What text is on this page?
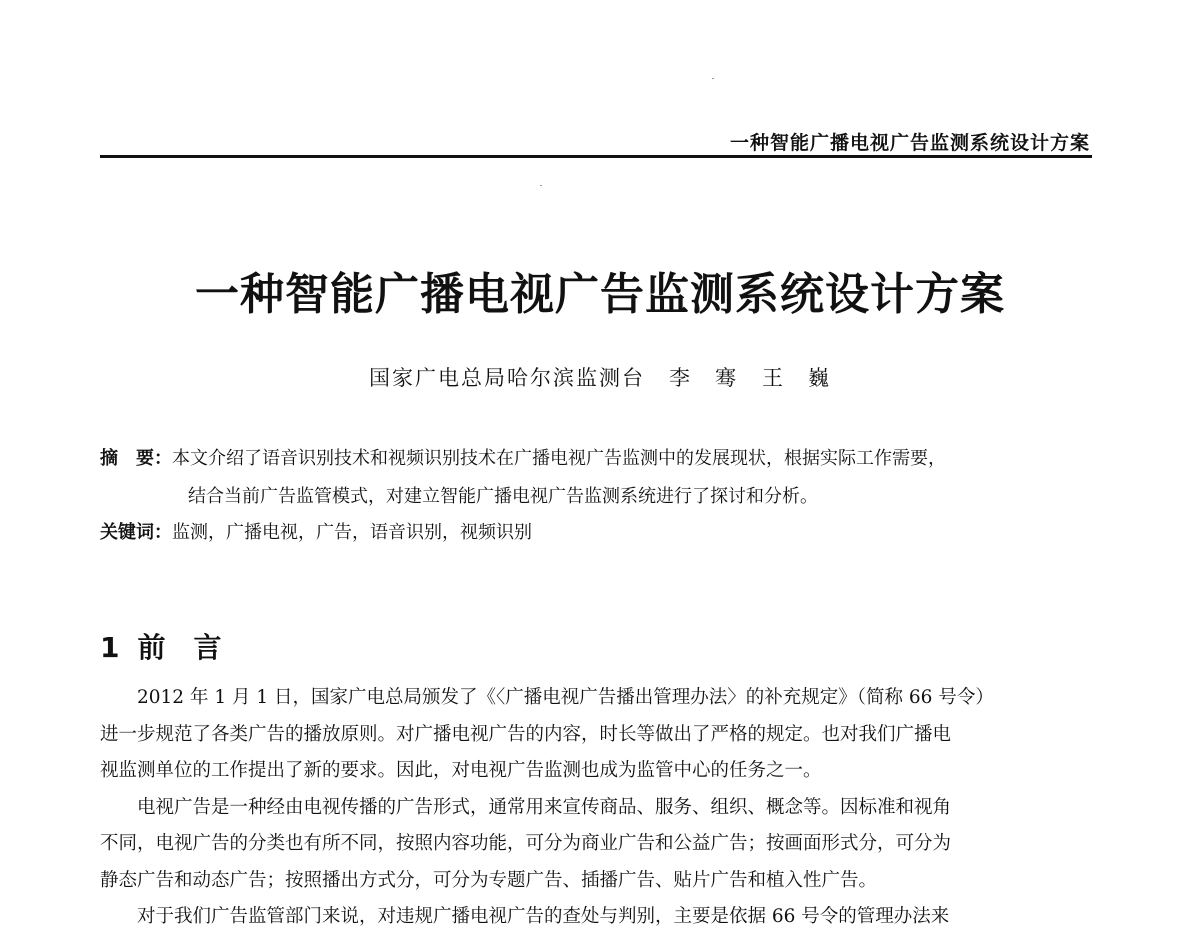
一种智能广播电视广告监测系统设计方案
一种智能广播电视广告监测系统设计方案
国家广电总局哈尔滨监测台 李　骞 王　巍
摘　要：本文介绍了语音识别技术和视频识别技术在广播电视广告监测中的发展现状，根据实际工作需要，
结合当前广告监管模式，对建立智能广播电视广告监测系统进行了探讨和分析。
关键词：监测，广播电视，广告，语音识别，视频识别
1 前　言

2012 年 1 月 1 日，国家广电总局颁发了《〈广播电视广告播出管理办法〉的补充规定》（简称 66 号令）
进一步规范了各类广告的播放原则。对广播电视广告的内容，时长等做出了严格的规定。也对我们广播电
视监测单位的工作提出了新的要求。因此，对电视广告监测也成为监管中心的任务之一。

电视广告是一种经由电视传播的广告形式，通常用来宣传商品、服务、组织、概念等。因标准和视角
不同，电视广告的分类也有所不同，按照内容功能，可分为商业广告和公益广告；按画面形式分，可分为
静态广告和动态广告；按照播出方式分，可分为专题广告、插播广告、贴片广告和植入性广告。

对于我们广告监管部门来说，对违规广播电视广告的查处与判别，主要是依据 66 号令的管理办法来
